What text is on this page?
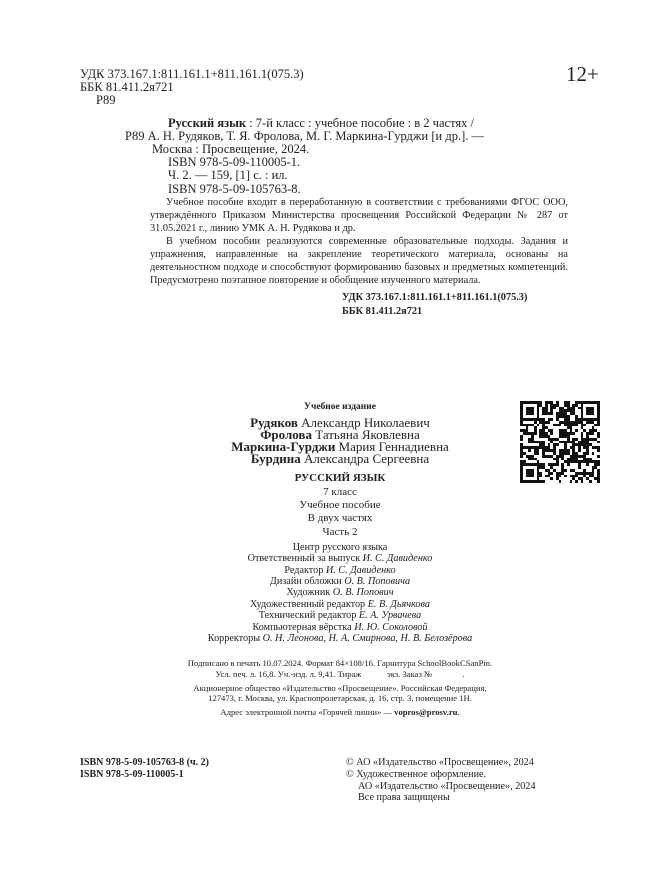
12+
УДК 373.167.1:811.161.1+811.161.1(075.3)
ББК 81.411.2я721
Р89
Русский язык : 7-й класс : учебное пособие : в 2 частях /
Р89 А. Н. Рудяков, Т. Я. Фролова, М. Г. Маркина-Гурджи [и др.]. —
Москва : Просвещение, 2024.
ISBN 978-5-09-110005-1.
Ч. 2. — 159, [1] с. : ил.
ISBN 978-5-09-105763-8.
Учебное пособие входит в переработанную в соответствии с требованиями ФГОС ООО, утверждённого Приказом Министерства просвещения Российской Федерации № 287 от 31.05.2021 г., линию УМК А. Н. Рудякова и др.
В учебном пособии реализуются современные образовательные подходы. Задания и упражнения, направленные на закрепление теоретического материала, основаны на деятельностном подходе и способствуют формированию базовых и предметных компетенций. Предусмотрено поэтапное повторение и обобщение изученного материала.
УДК 373.167.1:811.161.1+811.161.1(075.3)
ББК 81.411.2я721
Учебное издание
Рудяков Александр Николаевич
Фролова Татьяна Яковлевна
Маркина-Гурджи Мария Геннадиевна
Бурдина Александра Сергеевна
РУССКИЙ ЯЗЫК
7 класс
Учебное пособие
В двух частях
Часть 2
Центр русского языка
Ответственный за выпуск И. С. Давиденко
Редактор И. С. Давиденко
Дизайн обложки О. В. Поповича
Художник О. В. Попович
Художественный редактор Е. В. Дьячкова
Технический редактор Е. А. Урвачева
Компьютерная вёрстка И. Ю. Соколовой
Корректоры О. Н. Леонова, Н. А. Смирнова, Н. В. Белозёрова
Подписано в печать 10.07.2024. Формат 84×108/16. Гарнитура SchoolBookCSanPin.
Усл. печ. л. 16,8. Уч.-изд. л. 9,41. Тираж            экз. Заказ №              .
Акционерное общество «Издательство «Просвещение». Российская Федерация,
127473, г. Москва, ул. Краснопролетарская, д. 16, стр. 3, помещение 1Н.
Адрес электронной почты «Горячей линии» — vopros@prosv.ru.
ISBN 978-5-09-105763-8 (ч. 2)
ISBN 978-5-09-110005-1
© АО «Издательство «Просвещение», 2024
© Художественное оформление.
АО «Издательство «Просвещение», 2024
Все права защищены
